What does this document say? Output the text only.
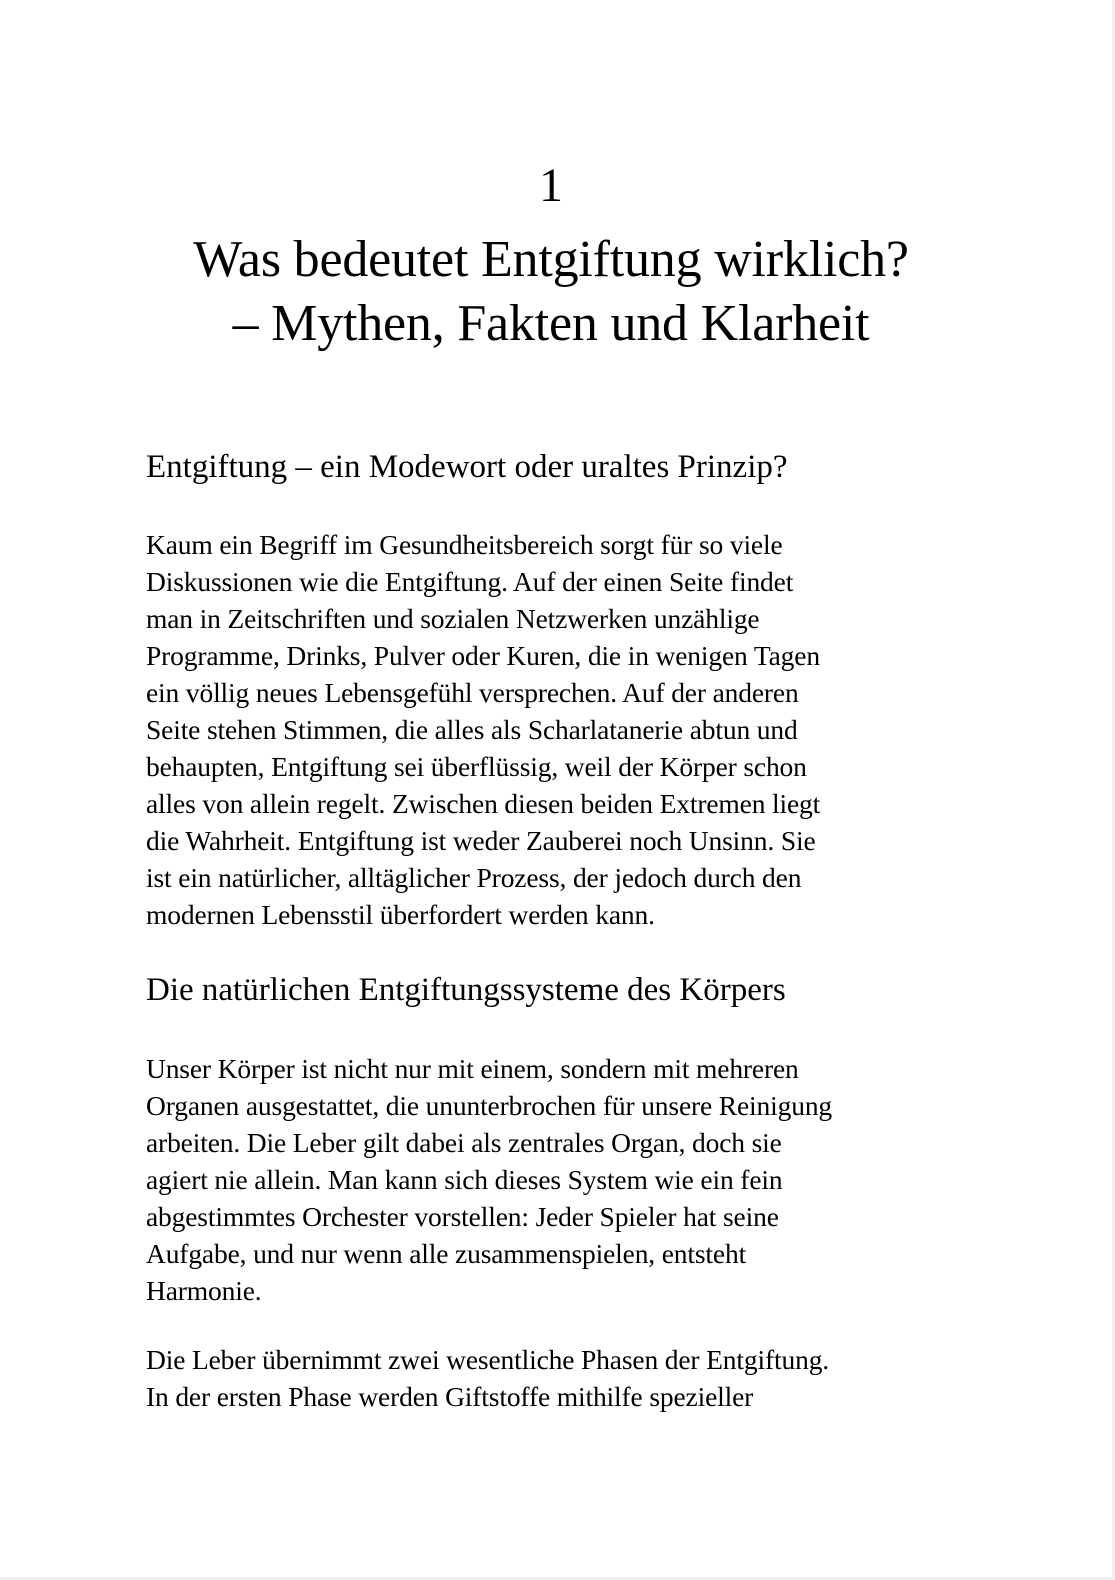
1
Was bedeutet Entgiftung wirklich?
– Mythen, Fakten und Klarheit
Entgiftung – ein Modewort oder uraltes Prinzip?

Kaum ein Begriff im Gesundheitsbereich sorgt für so viele
Diskussionen wie die Entgiftung. Auf der einen Seite findet
man in Zeitschriften und sozialen Netzwerken unzählige
Programme, Drinks, Pulver oder Kuren, die in wenigen Tagen
ein völlig neues Lebensgefühl versprechen. Auf der anderen
Seite stehen Stimmen, die alles als Scharlatanerie abtun und
behaupten, Entgiftung sei überflüssig, weil der Körper schon
alles von allein regelt. Zwischen diesen beiden Extremen liegt
die Wahrheit. Entgiftung ist weder Zauberei noch Unsinn. Sie
ist ein natürlicher, alltäglicher Prozess, der jedoch durch den
modernen Lebensstil überfordert werden kann.

Die natürlichen Entgiftungssysteme des Körpers

Unser Körper ist nicht nur mit einem, sondern mit mehreren
Organen ausgestattet, die ununterbrochen für unsere Reinigung
arbeiten. Die Leber gilt dabei als zentrales Organ, doch sie
agiert nie allein. Man kann sich dieses System wie ein fein
abgestimmtes Orchester vorstellen: Jeder Spieler hat seine
Aufgabe, und nur wenn alle zusammenspielen, entsteht
Harmonie.

Die Leber übernimmt zwei wesentliche Phasen der Entgiftung.
In der ersten Phase werden Giftstoffe mithilfe spezieller
